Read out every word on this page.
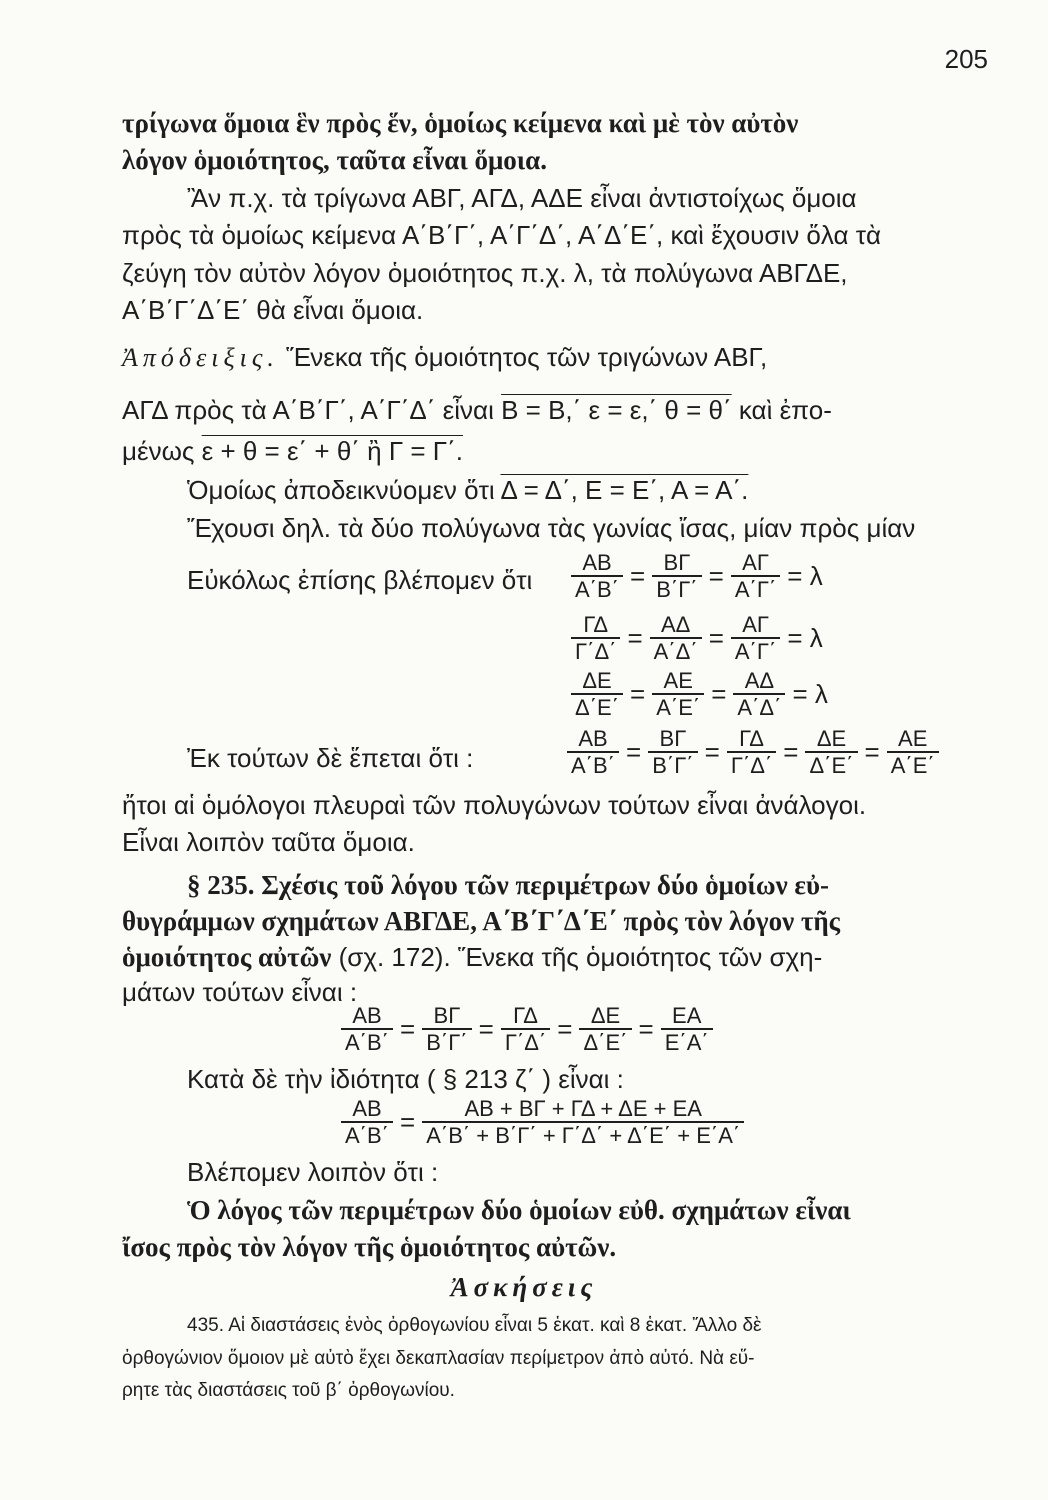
205
τρίγωνα ὅμοια ἓν πρὸς ἕν, ὁμοίως κείμενα καὶ μὲ τὸν αὐτὸν
λόγον ὁμοιότητος, ταῦτα εἶναι ὅμοια.
Ἂν π.χ. τὰ τρίγωνα ΑΒΓ, ΑΓΔ, ΑΔΕ εἶναι ἀντιστοίχως ὅμοια
πρὸς τὰ ὁμοίως κείμενα Α΄Β΄Γ΄, Α΄Γ΄Δ΄, Α΄Δ΄Ε΄, καὶ ἔχουσιν ὅλα τὰ
ζεύγη τὸν αὐτὸν λόγον ὁμοιότητος π.χ. λ, τὰ πολύγωνα ΑΒΓΔΕ,
Α΄Β΄Γ΄Δ΄Ε΄ θὰ εἶναι ὅμοια.
Ἀπόδειξις. Ἕνεκα τῆς ὁμοιότητος τῶν τριγώνων ΑΒΓ,
ΑΓΔ πρὸς τὰ Α΄Β΄Γ΄, Α΄Γ΄Δ΄ εἶναι Β = Β,΄ ε = ε,΄ θ = θ΄ καὶ ἐπο-
μένως ε + θ = ε΄ + θ΄ ἢ Γ = Γ΄.
Ὁμοίως ἀποδεικνύομεν ὅτι Δ = Δ΄, Ε = Ε΄, Α = Α΄.
Ἔχουσι δηλ. τὰ δύο πολύγωνα τὰς γωνίας ἴσας, μίαν πρὸς μίαν
Εὐκόλως ἐπίσης βλέπομεν ὅτι $\frac{AB}{A΄B΄} = \frac{B\Gamma}{B΄\Gamma΄} = \frac{A\Gamma}{A΄\Gamma΄} = \lambda$
$\frac{\Gamma\Delta}{\Gamma΄\Delta΄} = \frac{A\Delta}{A΄\Delta΄} = \frac{A\Gamma}{A΄\Gamma΄} = \lambda$
$\frac{\Delta E}{\Delta΄E΄} = \frac{AE}{A΄E΄} = \frac{A\Delta}{A΄\Delta΄} = \lambda$
Ἐκ τούτων δὲ ἕπεται ὅτι :	$\frac{AB}{A΄B΄} = \frac{B\Gamma}{B΄\Gamma΄} = \frac{\Gamma\Delta}{\Gamma΄\Delta΄} = \frac{\Delta E}{\Delta΄E΄} = \frac{AE}{A΄E΄}$
ἤτοι αἱ ὁμόλογοι πλευραὶ τῶν πολυγώνων τούτων εἶναι ἀνάλογοι.
Εἶναι λοιπὸν ταῦτα ὅμοια.
§ 235. Σχέσις τοῦ λόγου τῶν περιμέτρων δύο ὁμοίων εὐ-
θυγράμμων σχημάτων ΑΒΓΔΕ, Α΄Β΄Γ΄Δ΄Ε΄ πρὸς τὸν λόγον τῆς
ὁμοιότητος αὐτῶν (σχ. 172). Ἕνεκα τῆς ὁμοιότητος τῶν σχη-
μάτων τούτων εἶναι :
$\frac{AB}{A΄B΄} = \frac{B\Gamma}{B΄\Gamma΄} = \frac{\Gamma\Delta}{\Gamma΄\Delta΄} = \frac{\Delta E}{\Delta΄E΄} = \frac{EA}{E΄A΄}$
Κατὰ δὲ τὴν ἰδιότητα ( § 213 ζ΄ ) εἶναι :
$\frac{AB}{A΄B΄} = \frac{AB + B\Gamma + \Gamma\Delta + \Delta E + EA}{A΄B΄ + B΄\Gamma΄ + \Gamma΄\Delta΄ + \Delta΄E΄ + E΄A΄}$
Βλέπομεν λοιπὸν ὅτι :
Ὁ λόγος τῶν περιμέτρων δύο ὁμοίων εὐθ. σχημάτων εἶναι
ἴσος πρὸς τὸν λόγον τῆς ὁμοιότητος αὐτῶν.
Ἀσκήσεις
435. Αἱ διαστάσεις ἑνὸς ὀρθογωνίου εἶναι 5 ἑκατ. καὶ 8 ἑκατ. Ἄλλο δὲ
ὀρθογώνιον ὅμοιον μὲ αὐτὸ ἔχει δεκαπλασίαν περίμετρον ἀπὸ αὐτό. Νὰ εὕ-
ρητε τὰς διαστάσεις τοῦ β΄ ὀρθογωνίου.
